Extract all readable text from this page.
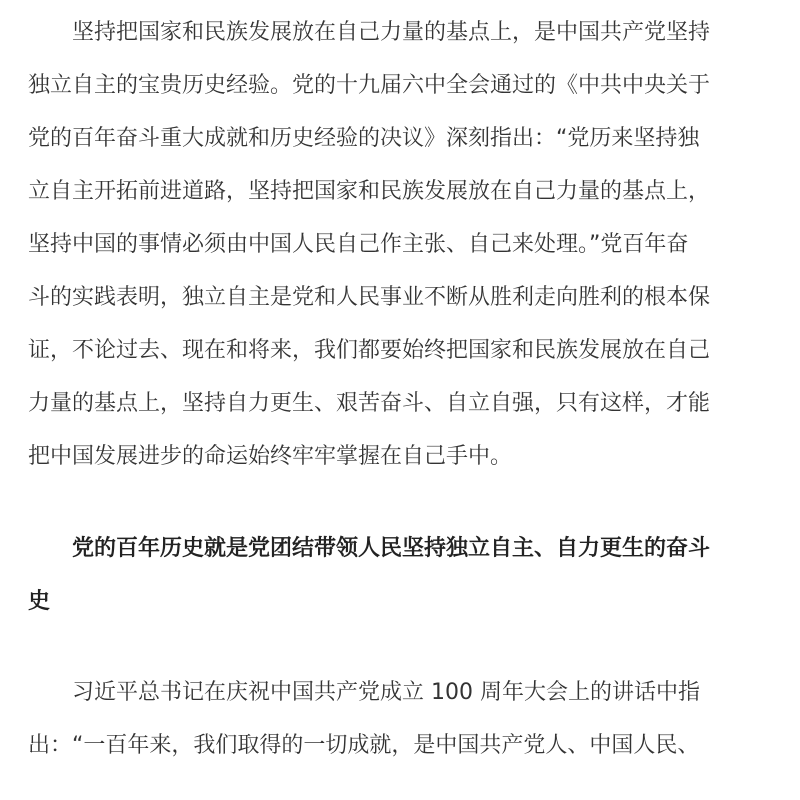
　　坚持把国家和民族发展放在自己力量的基点上，是中国共产党坚持
独立自主的宝贵历史经验。党的十九届六中全会通过的《中共中央关于
党的百年奋斗重大成就和历史经验的决议》深刻指出：“党历来坚持独
立自主开拓前进道路，坚持把国家和民族发展放在自己力量的基点上，
坚持中国的事情必须由中国人民自己作主张、自己来处理。”党百年奋
斗的实践表明，独立自主是党和人民事业不断从胜利走向胜利的根本保
证，不论过去、现在和将来，我们都要始终把国家和民族发展放在自己
力量的基点上，坚持自力更生、艰苦奋斗、自立自强，只有这样，才能
把中国发展进步的命运始终牢牢掌握在自己手中。
　　党的百年历史就是党团结带领人民坚持独立自主、自力更生的奋斗
史
　　习近平总书记在庆祝中国共产党成立 100 周年大会上的讲话中指
出：“一百年来，我们取得的一切成就，是中国共产党人、中国人民、
